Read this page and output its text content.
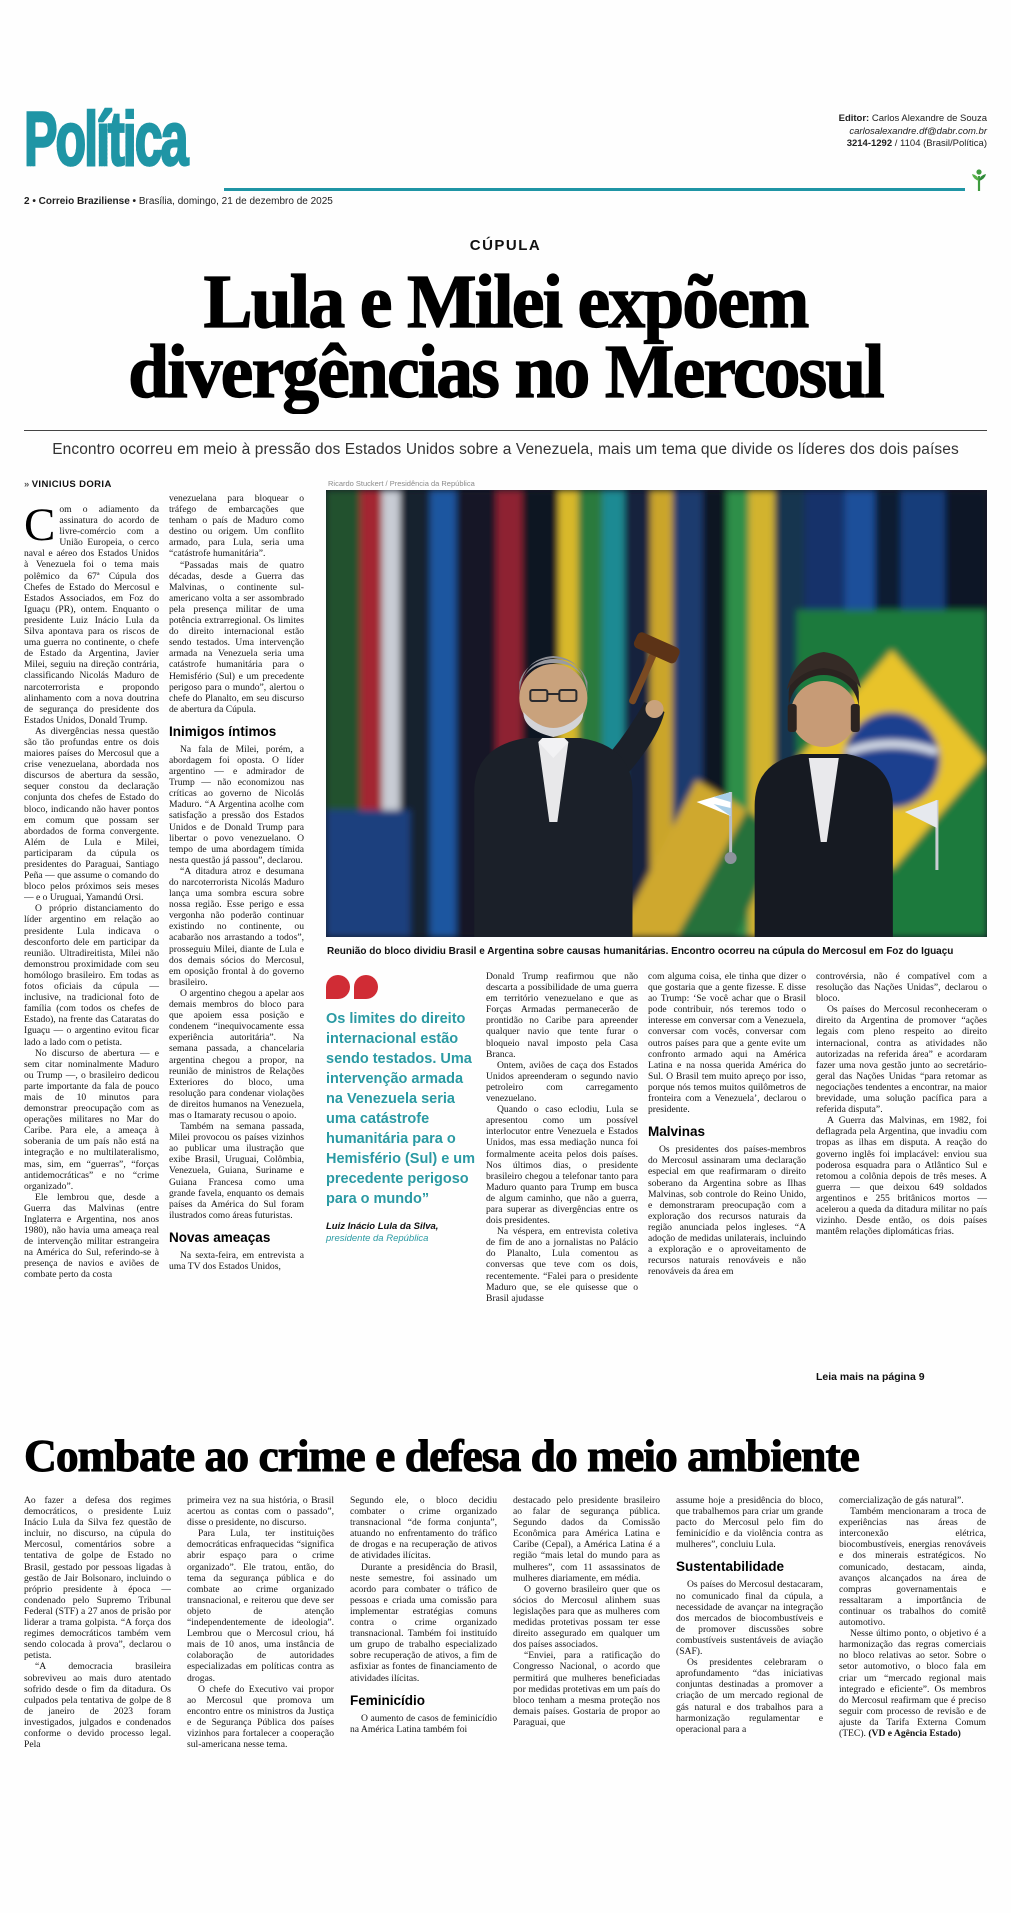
Política	Editor: Carlos Alexandre de Souza
carlosalexandre.df@dabr.com.br
3214-1292 / 1104 (Brasil/Política)
2 • Correio Braziliense • Brasília, domingo, 21 de dezembro de 2025
CÚPULA
Lula e Milei expõem
divergências no Mercosul
Encontro ocorreu em meio à pressão dos Estados Unidos sobre a Venezuela, mais um tema que divide os líderes dos dois países
» VINICIUS DORIA

Com o adiamento da assinatura do acordo de livre-comércio com a União Europeia, o cerco naval e aéreo dos Estados Unidos à Venezuela foi o tema mais polêmico da 67ª Cúpula dos Chefes de Estado do Mercosul e Estados Associados, em Foz do Iguaçu (PR), ontem. Enquanto o presidente Luiz Inácio Lula da Silva apontava para os riscos de uma guerra no continente, o chefe de Estado da Argentina, Javier Milei, seguiu na direção contrária, classificando Nicolás Maduro de narcoterrorista e propondo alinhamento com a nova doutrina de segurança do presidente dos Estados Unidos, Donald Trump.

As divergências nessa questão são tão profundas entre os dois maiores países do Mercosul que a crise venezuelana, abordada nos discursos de abertura da sessão, sequer constou da declaração conjunta dos chefes de Estado do bloco, indicando não haver pontos em comum que possam ser abordados de forma convergente. Além de Lula e Milei, participaram da cúpula os presidentes do Paraguai, Santiago Peña — que assume o comando do bloco pelos próximos seis meses — e o Uruguai, Yamandú Orsi.

O próprio distanciamento do líder argentino em relação ao presidente Lula indicava o desconforto dele em participar da reunião. Ultradireitista, Milei não demonstrou proximidade com seu homólogo brasileiro. Em todas as fotos oficiais da cúpula — inclusive, na tradicional foto de família (com todos os chefes de Estado), na frente das Cataratas do Iguaçu — o argentino evitou ficar lado a lado com o petista.

No discurso de abertura — e sem citar nominalmente Maduro ou Trump —, o brasileiro dedicou parte importante da fala de pouco mais de 10 minutos para demonstrar preocupação com as operações militares no Mar do Caribe. Para ele, a ameaça à soberania de um país não está na integração e no multilateralismo, mas, sim, em “guerras”, “forças antidemocráticas” e no “crime organizado”.

Ele lembrou que, desde a Guerra das Malvinas (entre Inglaterra e Argentina, nos anos 1980), não havia uma ameaça real de intervenção militar estrangeira na América do Sul, referindo-se à presença de navios e aviões de combate perto da costa

venezuelana para bloquear o tráfego de embarcações que tenham o país de Maduro como destino ou origem. Um conflito armado, para Lula, seria uma “catástrofe humanitária”.

“Passadas mais de quatro décadas, desde a Guerra das Malvinas, o continente sul-americano volta a ser assombrado pela presença militar de uma potência extrarregional. Os limites do direito internacional estão sendo testados. Uma intervenção armada na Venezuela seria uma catástrofe humanitária para o Hemisfério (Sul) e um precedente perigoso para o mundo”, alertou o chefe do Planalto, em seu discurso de abertura da Cúpula.

Inimigos íntimos

Na fala de Milei, porém, a abordagem foi oposta. O líder argentino — e admirador de Trump — não economizou nas críticas ao governo de Nicolás Maduro. “A Argentina acolhe com satisfação a pressão dos Estados Unidos e de Donald Trump para libertar o povo venezuelano. O tempo de uma abordagem tímida nesta questão já passou”, declarou.

“A ditadura atroz e desumana do narcoterrorista Nicolás Maduro lança uma sombra escura sobre nossa região. Esse perigo e essa vergonha não poderão continuar existindo no continente, ou acabarão nos arrastando a todos”, prosseguiu Milei, diante de Lula e dos demais sócios do Mercosul, em oposição frontal à do governo brasileiro.

O argentino chegou a apelar aos demais membros do bloco para que apoiem essa posição e condenem “inequivocamente essa experiência autoritária”. Na semana passada, a chancelaria argentina chegou a propor, na reunião de ministros de Relações Exteriores do bloco, uma resolução para condenar violações de direitos humanos na Venezuela, mas o Itamaraty recusou o apoio.

Também na semana passada, Milei provocou os países vizinhos ao publicar uma ilustração que exibe Brasil, Uruguai, Colômbia, Venezuela, Guiana, Suriname e Guiana Francesa como uma grande favela, enquanto os demais países da América do Sul foram ilustrados como áreas futuristas.

Novas ameaças

Na sexta-feira, em entrevista a uma TV dos Estados Unidos,

Ricardo Stuckert / Presidência da República
Reunião do bloco dividiu Brasil e Argentina sobre causas humanitárias. Encontro ocorreu na cúpula do Mercosul em Foz do Iguaçu
Os limites do direito internacional estão sendo testados. Uma intervenção armada na Venezuela seria uma catástrofe humanitária para o Hemisfério (Sul) e um precedente perigoso para o mundo”
Luiz Inácio Lula da Silva,
presidente da República

Donald Trump reafirmou que não descarta a possibilidade de uma guerra em território venezuelano e que as Forças Armadas permanecerão de prontidão no Caribe para apreender qualquer navio que tente furar o bloqueio naval imposto pela Casa Branca.

Ontem, aviões de caça dos Estados Unidos apreenderam o segundo navio petroleiro com carregamento venezuelano.

Quando o caso eclodiu, Lula se apresentou como um possível interlocutor entre Venezuela e Estados Unidos, mas essa mediação nunca foi formalmente aceita pelos dois países. Nos últimos dias, o presidente brasileiro chegou a telefonar tanto para Maduro quanto para Trump em busca de algum caminho, que não a guerra, para superar as divergências entre os dois presidentes.

Na véspera, em entrevista coletiva de fim de ano a jornalistas no Palácio do Planalto, Lula comentou as conversas que teve com os dois, recentemente. “Falei para o presidente Maduro que, se ele quisesse que o Brasil ajudasse

com alguma coisa, ele tinha que dizer o que gostaria que a gente fizesse. E disse ao Trump: ‘Se você achar que o Brasil pode contribuir, nós teremos todo o interesse em conversar com a Venezuela, conversar com vocês, conversar com outros países para que a gente evite um confronto armado aqui na América Latina e na nossa querida América do Sul. O Brasil tem muito apreço por isso, porque nós temos muitos quilômetros de fronteira com a Venezuela’, declarou o presidente.

Malvinas

Os presidentes dos países-membros do Mercosul assinaram uma declaração especial em que reafirmaram o direito soberano da Argentina sobre as Ilhas Malvinas, sob controle do Reino Unido, e demonstraram preocupação com a exploração dos recursos naturais da região anunciada pelos ingleses. “A adoção de medidas unilaterais, incluindo a exploração e o aproveitamento de recursos naturais renováveis e não renováveis da área em

controvérsia, não é compatível com a resolução das Nações Unidas”, declarou o bloco.

Os países do Mercosul reconheceram o direito da Argentina de promover “ações legais com pleno respeito ao direito internacional, contra as atividades não autorizadas na referida área” e acordaram fazer uma nova gestão junto ao secretário-geral das Nações Unidas “para retomar as negociações tendentes a encontrar, na maior brevidade, uma solução pacífica para a referida disputa”.

A Guerra das Malvinas, em 1982, foi deflagrada pela Argentina, que invadiu com tropas as ilhas em disputa. A reação do governo inglês foi implacável: enviou sua poderosa esquadra para o Atlântico Sul e retomou a colônia depois de três meses. A guerra — que deixou 649 soldados argentinos e 255 britânicos mortos — acelerou a queda da ditadura militar no país vizinho. Desde então, os dois países mantêm relações diplomáticas frias.

Leia mais na página 9
Combate ao crime e defesa do meio ambiente

Ao fazer a defesa dos regimes democráticos, o presidente Luiz Inácio Lula da Silva fez questão de incluir, no discurso, na cúpula do Mercosul, comentários sobre a tentativa de golpe de Estado no Brasil, gestado por pessoas ligadas à gestão de Jair Bolsonaro, incluindo o próprio presidente à época — condenado pelo Supremo Tribunal Federal (STF) a 27 anos de prisão por liderar a trama golpista. “A força dos regimes democráticos também vem sendo colocada à prova”, declarou o petista.

“A democracia brasileira sobreviveu ao mais duro atentado sofrido desde o fim da ditadura. Os culpados pela tentativa de golpe de 8 de janeiro de 2023 foram investigados, julgados e condenados conforme o devido processo legal. Pela

primeira vez na sua história, o Brasil acertou as contas com o passado”, disse o presidente, no discurso.

Para Lula, ter instituições democráticas enfraquecidas “significa abrir espaço para o crime organizado”. Ele tratou, então, do tema da segurança pública e do combate ao crime organizado transnacional, e reiterou que deve ser objeto de atenção “independentemente de ideologia”. Lembrou que o Mercosul criou, há mais de 10 anos, uma instância de colaboração de autoridades especializadas em políticas contra as drogas.

O chefe do Executivo vai propor ao Mercosul que promova um encontro entre os ministros da Justiça e de Segurança Pública dos países vizinhos para fortalecer a cooperação sul-americana nesse tema.

Segundo ele, o bloco decidiu combater o crime organizado transnacional “de forma conjunta”, atuando no enfrentamento do tráfico de drogas e na recuperação de ativos de atividades ilícitas.

Durante a presidência do Brasil, neste semestre, foi assinado um acordo para combater o tráfico de pessoas e criada uma comissão para implementar estratégias comuns contra o crime organizado transnacional. Também foi instituído um grupo de trabalho especializado sobre recuperação de ativos, a fim de asfixiar as fontes de financiamento de atividades ilícitas.

Feminicídio

O aumento de casos de feminicídio na América Latina também foi

destacado pelo presidente brasileiro ao falar de segurança pública. Segundo dados da Comissão Econômica para América Latina e Caribe (Cepal), a América Latina é a região “mais letal do mundo para as mulheres”, com 11 assassinatos de mulheres diariamente, em média.

O governo brasileiro quer que os sócios do Mercosul alinhem suas legislações para que as mulheres com medidas protetivas possam ter esse direito assegurado em qualquer um dos países associados.

“Enviei, para a ratificação do Congresso Nacional, o acordo que permitirá que mulheres beneficiadas por medidas protetivas em um país do bloco tenham a mesma proteção nos demais países. Gostaria de propor ao Paraguai, que

assume hoje a presidência do bloco, que trabalhemos para criar um grande pacto do Mercosul pelo fim do feminicídio e da violência contra as mulheres”, concluiu Lula.

Sustentabilidade

Os países do Mercosul destacaram, no comunicado final da cúpula, a necessidade de avançar na integração dos mercados de biocombustíveis e de promover discussões sobre combustíveis sustentáveis de aviação (SAF).

Os presidentes celebraram o aprofundamento “das iniciativas conjuntas destinadas a promover a criação de um mercado regional de gás natural e dos trabalhos para a harmonização regulamentar e operacional para a

comercialização de gás natural”.

Também mencionaram a troca de experiências nas áreas de interconexão elétrica, biocombustíveis, energias renováveis e dos minerais estratégicos. No comunicado, destacam, ainda, avanços alcançados na área de compras governamentais e ressaltaram a importância de continuar os trabalhos do comitê automotivo.

Nesse último ponto, o objetivo é a harmonização das regras comerciais no bloco relativas ao setor. Sobre o setor automotivo, o bloco fala em criar um “mercado regional mais integrado e eficiente”. Os membros do Mercosul reafirmam que é preciso seguir com processo de revisão e de ajuste da Tarifa Externa Comum (TEC). (VD e Agência Estado)
